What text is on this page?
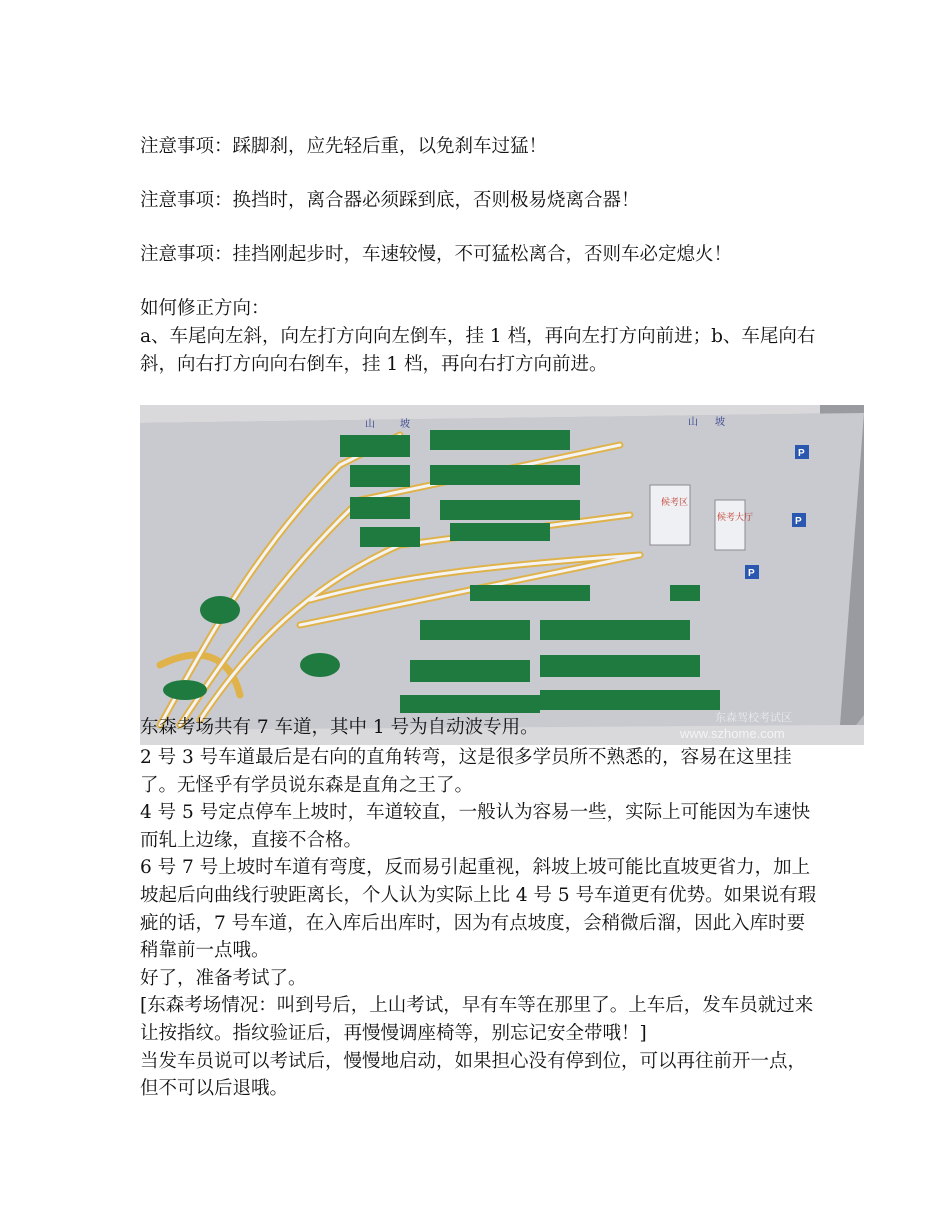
注意事项：踩脚刹，应先轻后重，以免刹车过猛！

注意事项：换挡时，离合器必须踩到底，否则极易烧离合器！

注意事项：挂挡刚起步时，车速较慢，不可猛松离合，否则车必定熄火！

如何修正方向：

a、车尾向左斜，向左打方向向左倒车，挂 1 档，再向左打方向前进；b、车尾向右斜，向右打方向向右倒车，挂 1 档，再向右打方向前进。

P
P
P
山	坡	山 坡
候考区
候考大厅
www.szhome.com
东森驾校考试区
东森考场共有 7 车道，其中 1 号为自动波专用。

2 号 3 号车道最后是右向的直角转弯，这是很多学员所不熟悉的，容易在这里挂了。无怪乎有学员说东森是直角之王了。

4 号 5 号定点停车上坡时，车道较直，一般认为容易一些，实际上可能因为车速快而轧上边缘，直接不合格。

6 号 7 号上坡时车道有弯度，反而易引起重视，斜坡上坡可能比直坡更省力，加上坡起后向曲线行驶距离长，个人认为实际上比 4 号 5 号车道更有优势。如果说有瑕疵的话，7 号车道，在入库后出库时，因为有点坡度，会稍微后溜，因此入库时要稍靠前一点哦。

好了，准备考试了。

[东森考场情况：叫到号后，上山考试，早有车等在那里了。上车后，发车员就过来让按指纹。指纹验证后，再慢慢调座椅等，别忘记安全带哦！]

当发车员说可以考试后，慢慢地启动，如果担心没有停到位，可以再往前开一点，但不可以后退哦。
